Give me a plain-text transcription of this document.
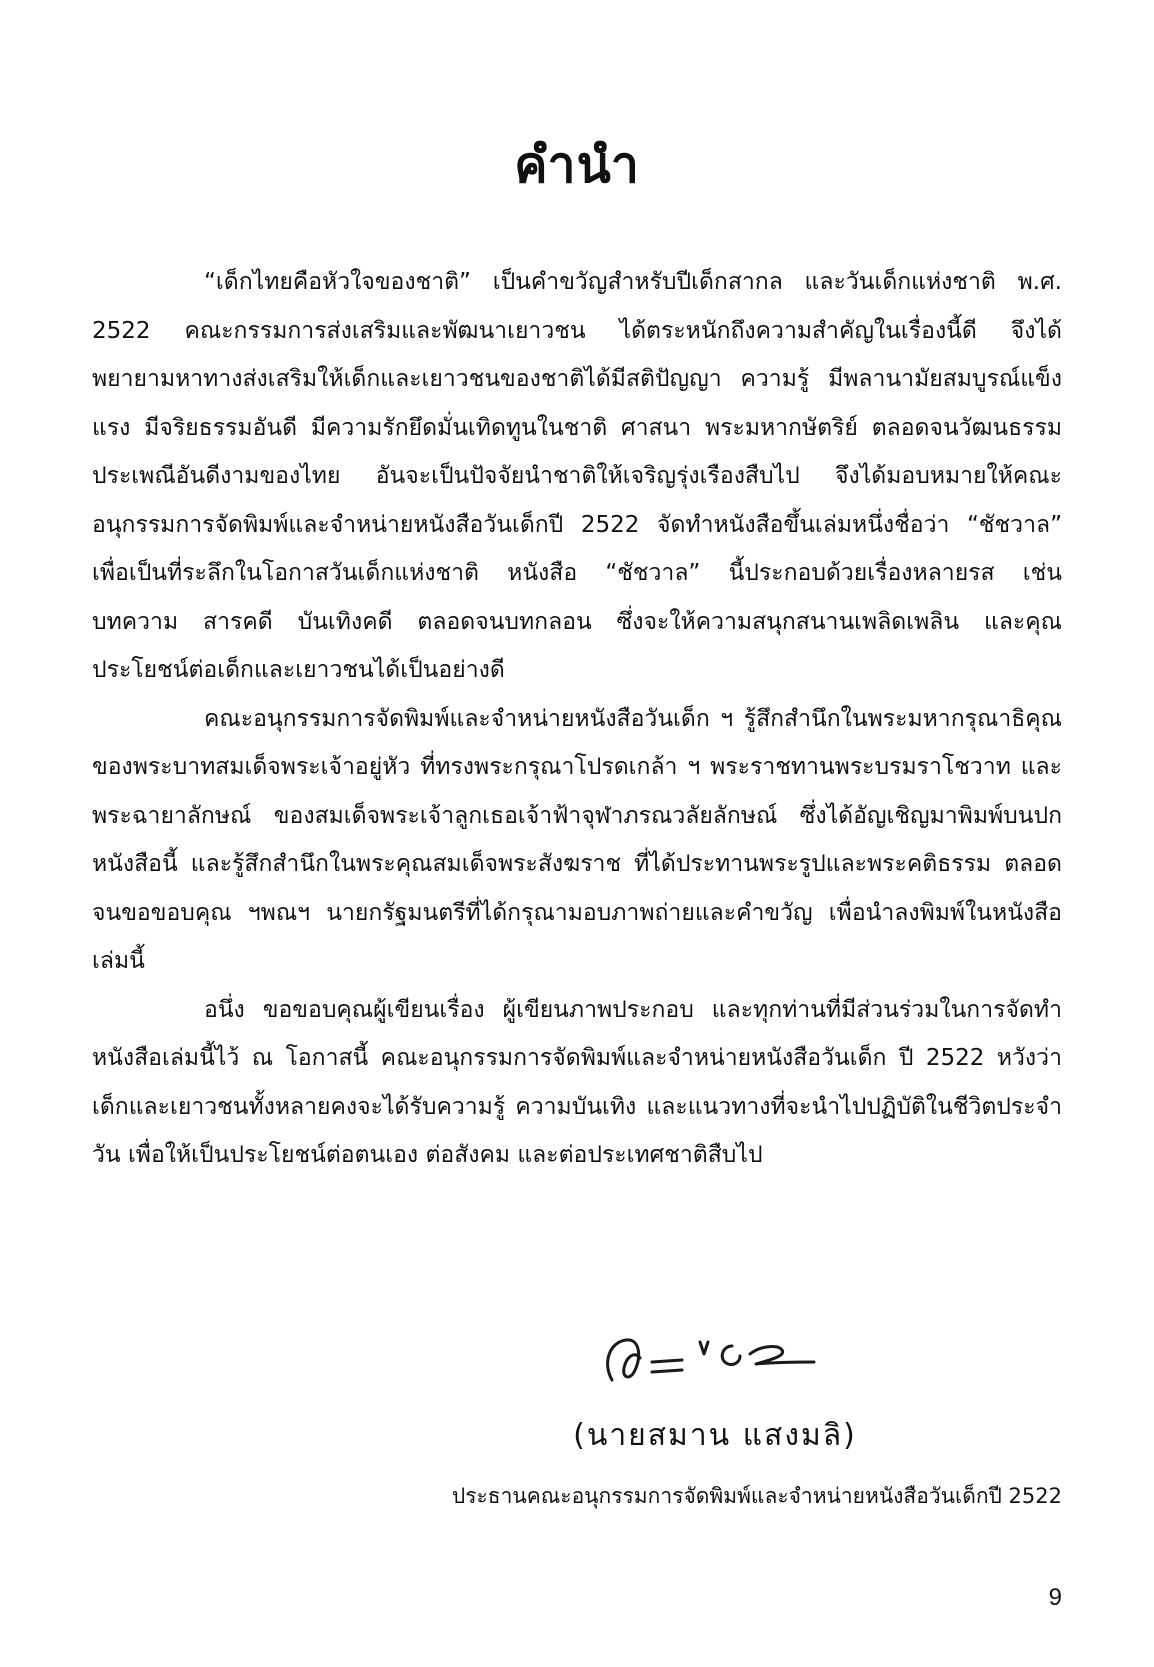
คำนำ

“เด็กไทยคือหัวใจของชาติ” เป็นคำขวัญสำหรับปีเด็กสากล และวันเด็กแห่งชาติ พ.ศ. 2522 คณะกรรมการส่งเสริมและพัฒนาเยาวชน ได้ตระหนักถึงความสำคัญในเรื่องนี้ดี จึงได้พยายามหาทางส่งเสริมให้เด็กและเยาวชนของชาติได้มีสติปัญญา ความรู้ มีพลานามัยสมบูรณ์แข็งแรง มีจริยธรรมอันดี มีความรักยึดมั่นเทิดทูนในชาติ ศาสนา พระมหากษัตริย์ ตลอดจนวัฒนธรรมประเพณีอันดีงามของไทย อันจะเป็นปัจจัยนำชาติให้เจริญรุ่งเรืองสืบไป จึงได้มอบหมายให้คณะอนุกรรมการจัดพิมพ์และจำหน่ายหนังสือวันเด็กปี 2522 จัดทำหนังสือขึ้นเล่มหนึ่งชื่อว่า “ชัชวาล” เพื่อเป็นที่ระลึกในโอกาสวันเด็กแห่งชาติ หนังสือ “ชัชวาล” นี้ประกอบด้วยเรื่องหลายรส เช่น บทความ สารคดี บันเทิงคดี ตลอดจนบทกลอน ซึ่งจะให้ความสนุกสนานเพลิดเพลิน และคุณประโยชน์ต่อเด็กและเยาวชนได้เป็นอย่างดี

คณะอนุกรรมการจัดพิมพ์และจำหน่ายหนังสือวันเด็ก ฯ รู้สึกสำนึกในพระมหากรุณาธิคุณ ของพระบาทสมเด็จพระเจ้าอยู่หัว ที่ทรงพระกรุณาโปรดเกล้า ฯ พระราชทานพระบรมราโชวาท และพระฉายาลักษณ์ ของสมเด็จพระเจ้าลูกเธอเจ้าฟ้าจุฬาภรณวลัยลักษณ์ ซึ่งได้อัญเชิญมาพิมพ์บนปกหนังสือนี้ และรู้สึกสำนึกในพระคุณสมเด็จพระสังฆราช ที่ได้ประทานพระรูปและพระคติธรรม ตลอดจนขอขอบคุณ ฯพณฯ นายกรัฐมนตรีที่ได้กรุณามอบภาพถ่ายและคำขวัญ เพื่อนำลงพิมพ์ในหนังสือเล่มนี้

อนึ่ง ขอขอบคุณผู้เขียนเรื่อง ผู้เขียนภาพประกอบ และทุกท่านที่มีส่วนร่วมในการจัดทำหนังสือเล่มนี้ไว้ ณ โอกาสนี้ คณะอนุกรรมการจัดพิมพ์และจำหน่ายหนังสือวันเด็ก ปี 2522 หวังว่าเด็กและเยาวชนทั้งหลายคงจะได้รับความรู้ ความบันเทิง และแนวทางที่จะนำไปปฏิบัติในชีวิตประจำวัน เพื่อให้เป็นประโยชน์ต่อตนเอง ต่อสังคม และต่อประเทศชาติสืบไป

(นายสมาน แสงมลิ)
ประธานคณะอนุกรรมการจัดพิมพ์และจำหน่ายหนังสือวันเด็กปี 2522
9
